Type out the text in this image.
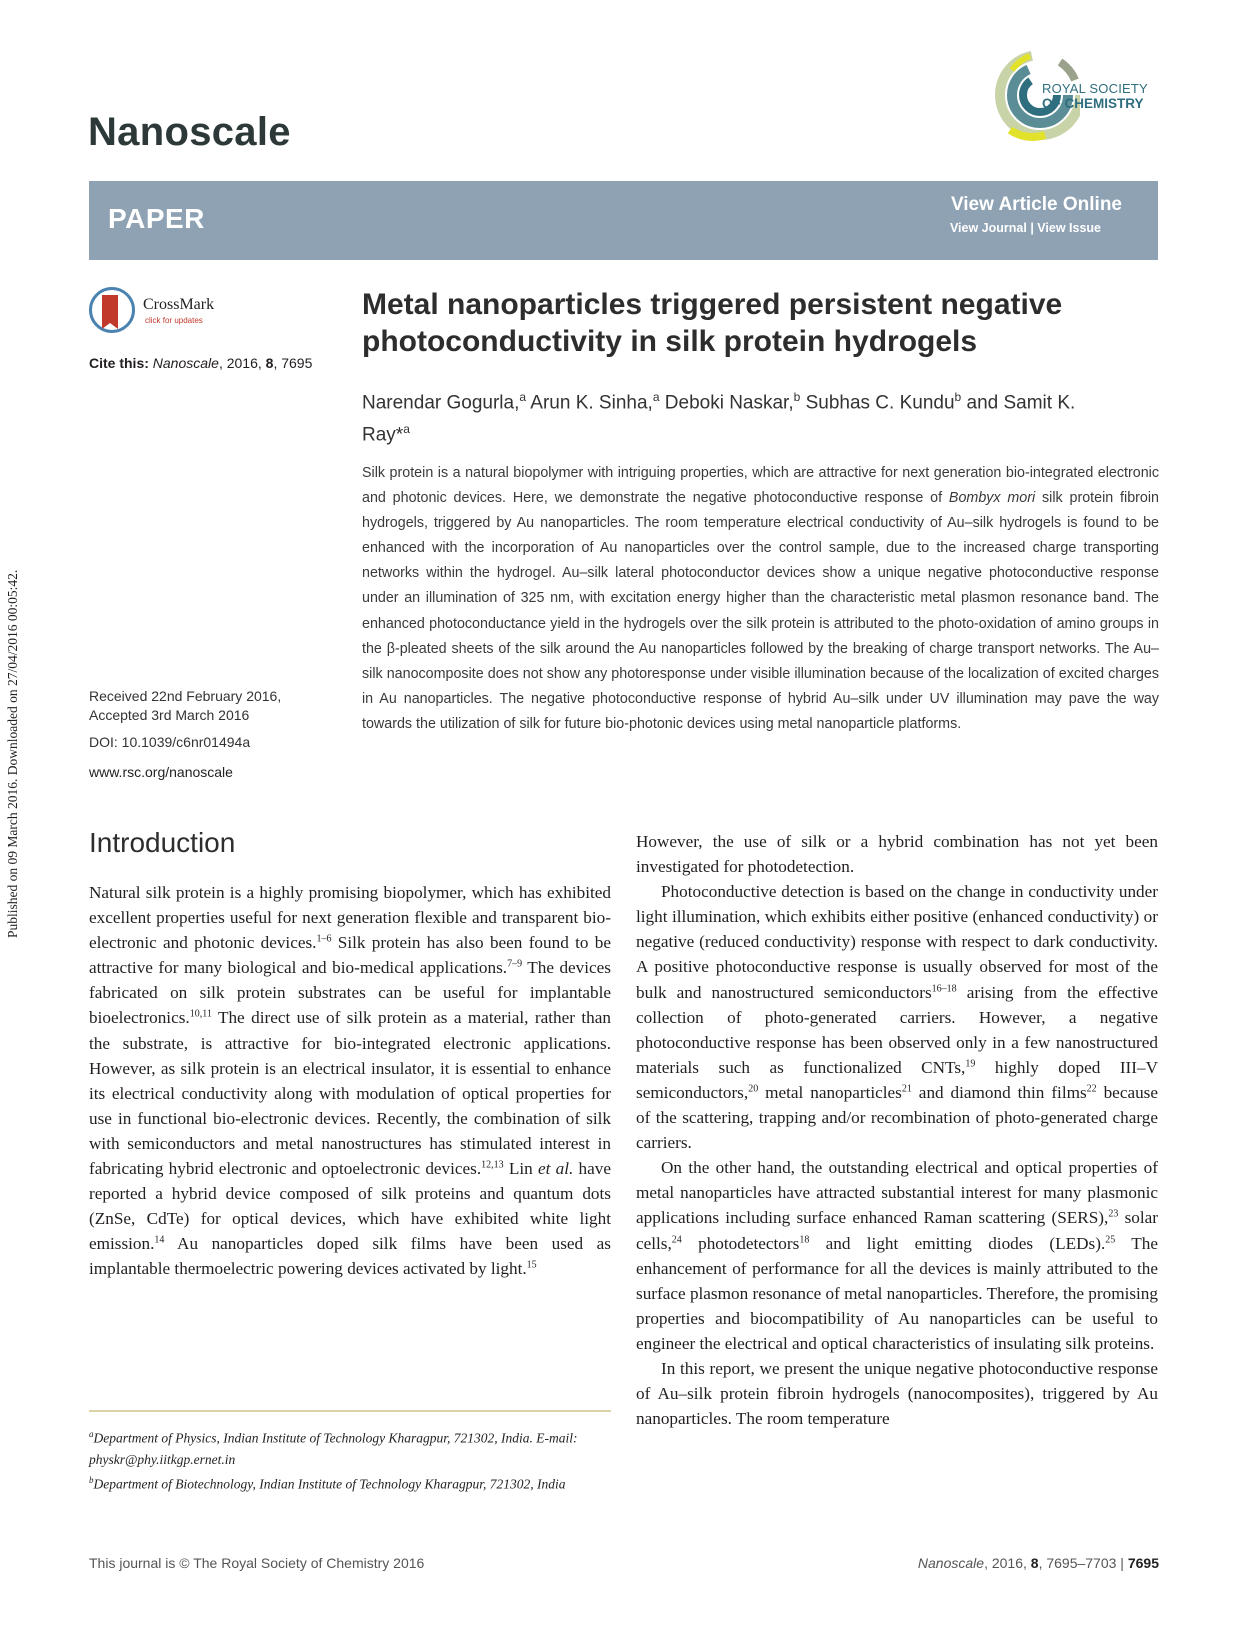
Published on 09 March 2016. Downloaded on 27/04/2016 00:05:42.
Nanoscale
ROYAL SOCIETY
OF CHEMISTRY
PAPER	View Article Online
View Journal | View Issue
CrossMark
click for updates
Cite this: Nanoscale, 2016, 8, 7695
Metal nanoparticles triggered persistent negative photoconductivity in silk protein hydrogels
Narendar Gogurla,$^a$ Arun K. Sinha,$^a$ Deboki Naskar,$^b$ Subhas C. Kundu$^b$ and Samit K. Ray*$^a$
Silk protein is a natural biopolymer with intriguing properties, which are attractive for next generation bio-integrated electronic and photonic devices. Here, we demonstrate the negative photoconductive response of Bombyx mori silk protein fibroin hydrogels, triggered by Au nanoparticles. The room temperature electrical conductivity of Au–silk hydrogels is found to be enhanced with the incorporation of Au nanoparticles over the control sample, due to the increased charge transporting networks within the hydrogel. Au–silk lateral photoconductor devices show a unique negative photoconductive response under an illumination of 325 nm, with excitation energy higher than the characteristic metal plasmon resonance band. The enhanced photoconductance yield in the hydrogels over the silk protein is attributed to the photo-oxidation of amino groups in the β-pleated sheets of the silk around the Au nanoparticles followed by the breaking of charge transport networks. The Au–silk nanocomposite does not show any photoresponse under visible illumination because of the localization of excited charges in Au nanoparticles. The negative photoconductive response of hybrid Au–silk under UV illumination may pave the way towards the utilization of silk for future bio-photonic devices using metal nanoparticle platforms.
Received 22nd February 2016,
Accepted 3rd March 2016
DOI: 10.1039/c6nr01494a
www.rsc.org/nanoscale
Introduction

Natural silk protein is a highly promising biopolymer, which has exhibited excellent properties useful for next generation flexible and transparent bio-electronic and photonic devices.$^{1-6}$ Silk protein has also been found to be attractive for many biological and bio-medical applications.$^{7-9}$ The devices fabricated on silk protein substrates can be useful for implantable bioelectronics.$^{10,11}$ The direct use of silk protein as a material, rather than the substrate, is attractive for bio-integrated electronic applications. However, as silk protein is an electrical insulator, it is essential to enhance its electrical conductivity along with modulation of optical properties for use in functional bio-electronic devices. Recently, the combination of silk with semiconductors and metal nanostructures has stimulated interest in fabricating hybrid electronic and optoelectronic devices.$^{12,13}$ Lin et al. have reported a hybrid device composed of silk proteins and quantum dots (ZnSe, CdTe) for optical devices, which have exhibited white light emission.$^{14}$ Au nanoparticles doped silk films have been used as implantable thermoelectric powering devices activated by light.$^{15}$

However, the use of silk or a hybrid combination has not yet been investigated for photodetection.

Photoconductive detection is based on the change in conductivity under light illumination, which exhibits either positive (enhanced conductivity) or negative (reduced conductivity) response with respect to dark conductivity. A positive photoconductive response is usually observed for most of the bulk and nanostructured semiconductors$^{16-18}$ arising from the effective collection of photo-generated carriers. However, a negative photoconductive response has been observed only in a few nanostructured materials such as functionalized CNTs,$^{19}$ highly doped III–V semiconductors,$^{20}$ metal nanoparticles$^{21}$ and diamond thin films$^{22}$ because of the scattering, trapping and/or recombination of photo-generated charge carriers.

On the other hand, the outstanding electrical and optical properties of metal nanoparticles have attracted substantial interest for many plasmonic applications including surface enhanced Raman scattering (SERS),$^{23}$ solar cells,$^{24}$ photodetectors$^{18}$ and light emitting diodes (LEDs).$^{25}$ The enhancement of performance for all the devices is mainly attributed to the surface plasmon resonance of metal nanoparticles. Therefore, the promising properties and biocompatibility of Au nanoparticles can be useful to engineer the electrical and optical characteristics of insulating silk proteins.

In this report, we present the unique negative photoconductive response of Au–silk protein fibroin hydrogels (nanocomposites), triggered by Au nanoparticles. The room temperature

$^a$Department of Physics, Indian Institute of Technology Kharagpur, 721302, India. E-mail: physkr@phy.iitkgp.ernet.in
$^b$Department of Biotechnology, Indian Institute of Technology Kharagpur, 721302, India
This journal is © The Royal Society of Chemistry 2016	Nanoscale, 2016, 8, 7695–7703 | 7695
